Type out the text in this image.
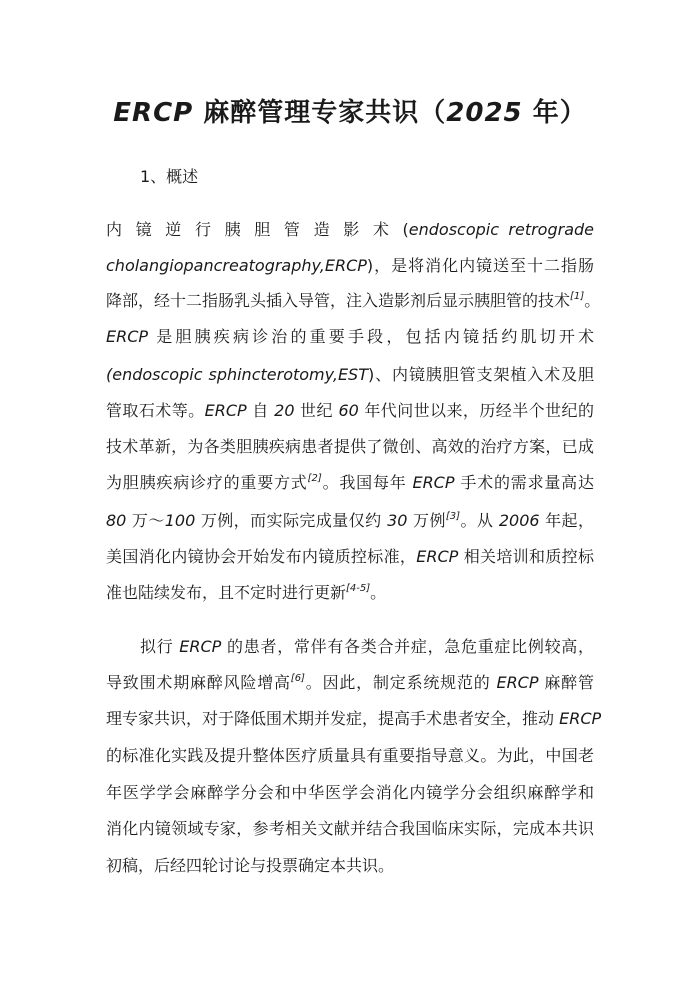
ERCP 麻醉管理专家共识（2025 年）
1、概述
内 镜 逆 行 胰 胆 管 造 影 术 (endoscopic retrograde
cholangiopancreatography,ERCP)，是将消化内镜送至十二指肠
降部，经十二指肠乳头插入导管，注入造影剂后显示胰胆管的技术[1]。
ERCP 是胆胰疾病诊治的重要手段，包括内镜括约肌切开术
(endoscopic sphincterotomy,EST)、内镜胰胆管支架植入术及胆
管取石术等。ERCP 自 20 世纪 60 年代问世以来，历经半个世纪的
技术革新，为各类胆胰疾病患者提供了微创、高效的治疗方案，已成
为胆胰疾病诊疗的重要方式[2]。我国每年 ERCP 手术的需求量高达
80 万～100 万例，而实际完成量仅约 30 万例[3]。从 2006 年起，
美国消化内镜协会开始发布内镜质控标准，ERCP 相关培训和质控标
准也陆续发布，且不定时进行更新[4-5]。
拟行 ERCP 的患者，常伴有各类合并症，急危重症比例较高，
导致围术期麻醉风险增高[6]。因此，制定系统规范的 ERCP 麻醉管
理专家共识，对于降低围术期并发症，提高手术患者安全，推动 ERCP
的标准化实践及提升整体医疗质量具有重要指导意义。为此，中国老
年医学学会麻醉学分会和中华医学会消化内镜学分会组织麻醉学和
消化内镜领域专家，参考相关文献并结合我国临床实际，完成本共识
初稿，后经四轮讨论与投票确定本共识。
